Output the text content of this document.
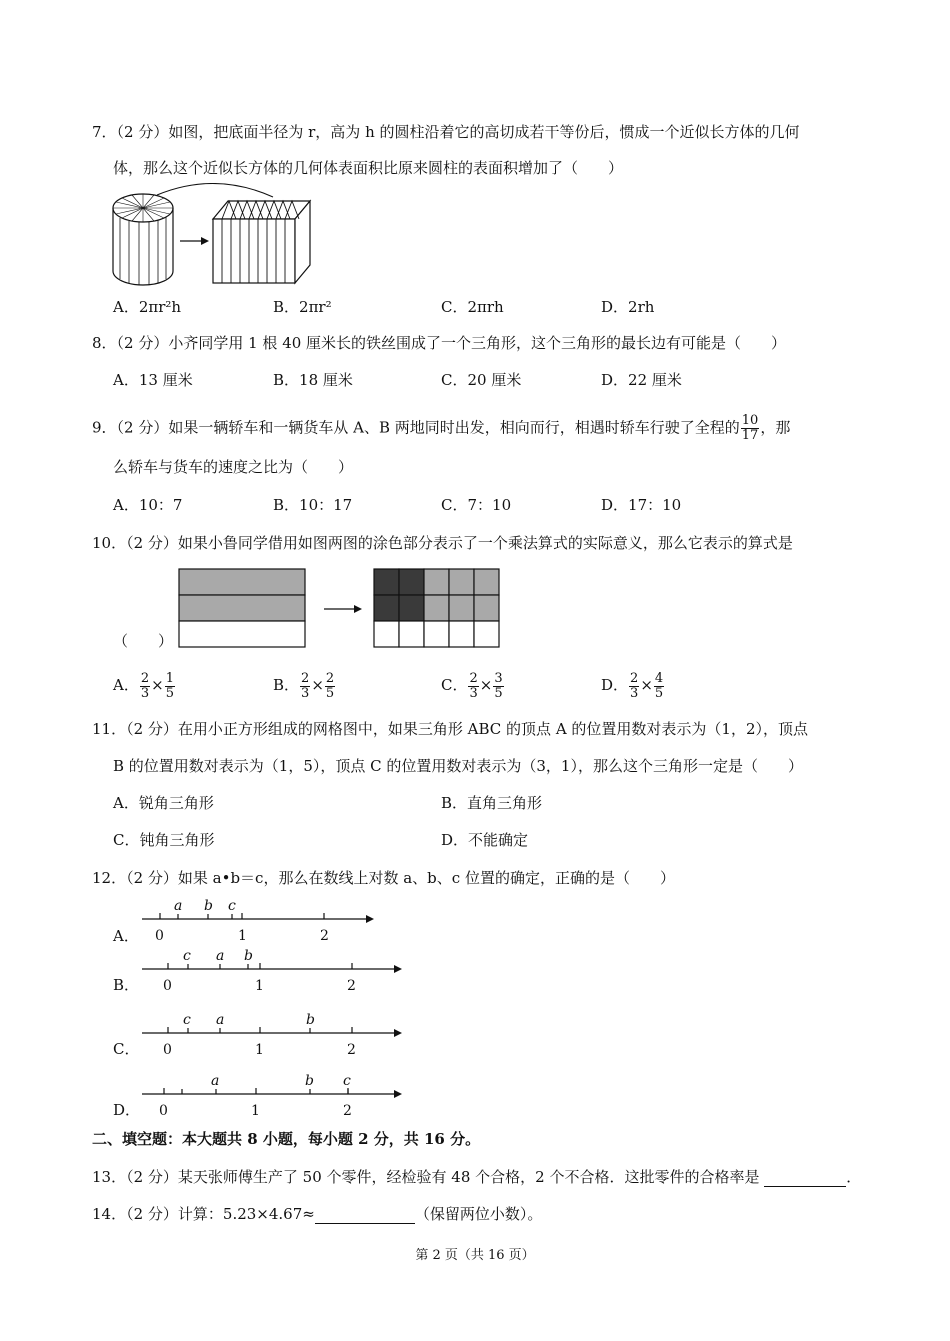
7．（2 分）如图，把底面半径为 r，高为 h 的圆柱沿着它的高切成若干等份后，惯成一个近似长方体的几何
体，那么这个近似长方体的几何体表面积比原来圆柱的表面积增加了（　　）
A．2πr²h	B．2πr²	C．2πrh	D．2rh
8．（2 分）小齐同学用 1 根 40 厘米长的铁丝围成了一个三角形，这个三角形的最长边有可能是（　　）
A．13 厘米	B．18 厘米	C．20 厘米	D．22 厘米
9．（2 分）如果一辆轿车和一辆货车从 A、B 两地同时出发，相向而行，相遇时轿车行驶了全程的 $\frac{10}{17}$ ，那
么轿车与货车的速度之比为（　　）
A．10：7	B．10：17	C．7：10	D．17：10
10．（2 分）如果小鲁同学借用如图两图的涂色部分表示了一个乘法算式的实际意义，那么它表示的算式是
（　　）
A． $\frac{2}{3} \times \frac{1}{5}$	B． $\frac{2}{3} \times \frac{2}{5}$	C． $\frac{2}{3} \times \frac{3}{5}$	D． $\frac{2}{3} \times \frac{4}{5}$
11．（2 分）在用小正方形组成的网格图中，如果三角形 ABC 的顶点 A 的位置用数对表示为（1，2），顶点
B 的位置用数对表示为（1，5），顶点 C 的位置用数对表示为（3，1），那么这个三角形一定是（　　）
A．锐角三角形	B．直角三角形
C．钝角三角形	D．不能确定
12．（2 分）如果 a•b＝c，那么在数线上对数 a、b、c 位置的确定，正确的是（　　）
A． 0	1	2
a b c
B． 0	1	2
c a b
C． 0	1	2
c a	b
D． 0	1	2
a	b c
二、填空题：本大题共 8 小题，每小题 2 分，共 16 分。
13．（2 分）某天张师傅生产了 50 个零件，经检验有 48 个合格，2 个不合格．这批零件的合格率是	．
14．（2 分）计算：5.23×4.67≈	（保留两位小数）。
第 2 页（共 16 页）
